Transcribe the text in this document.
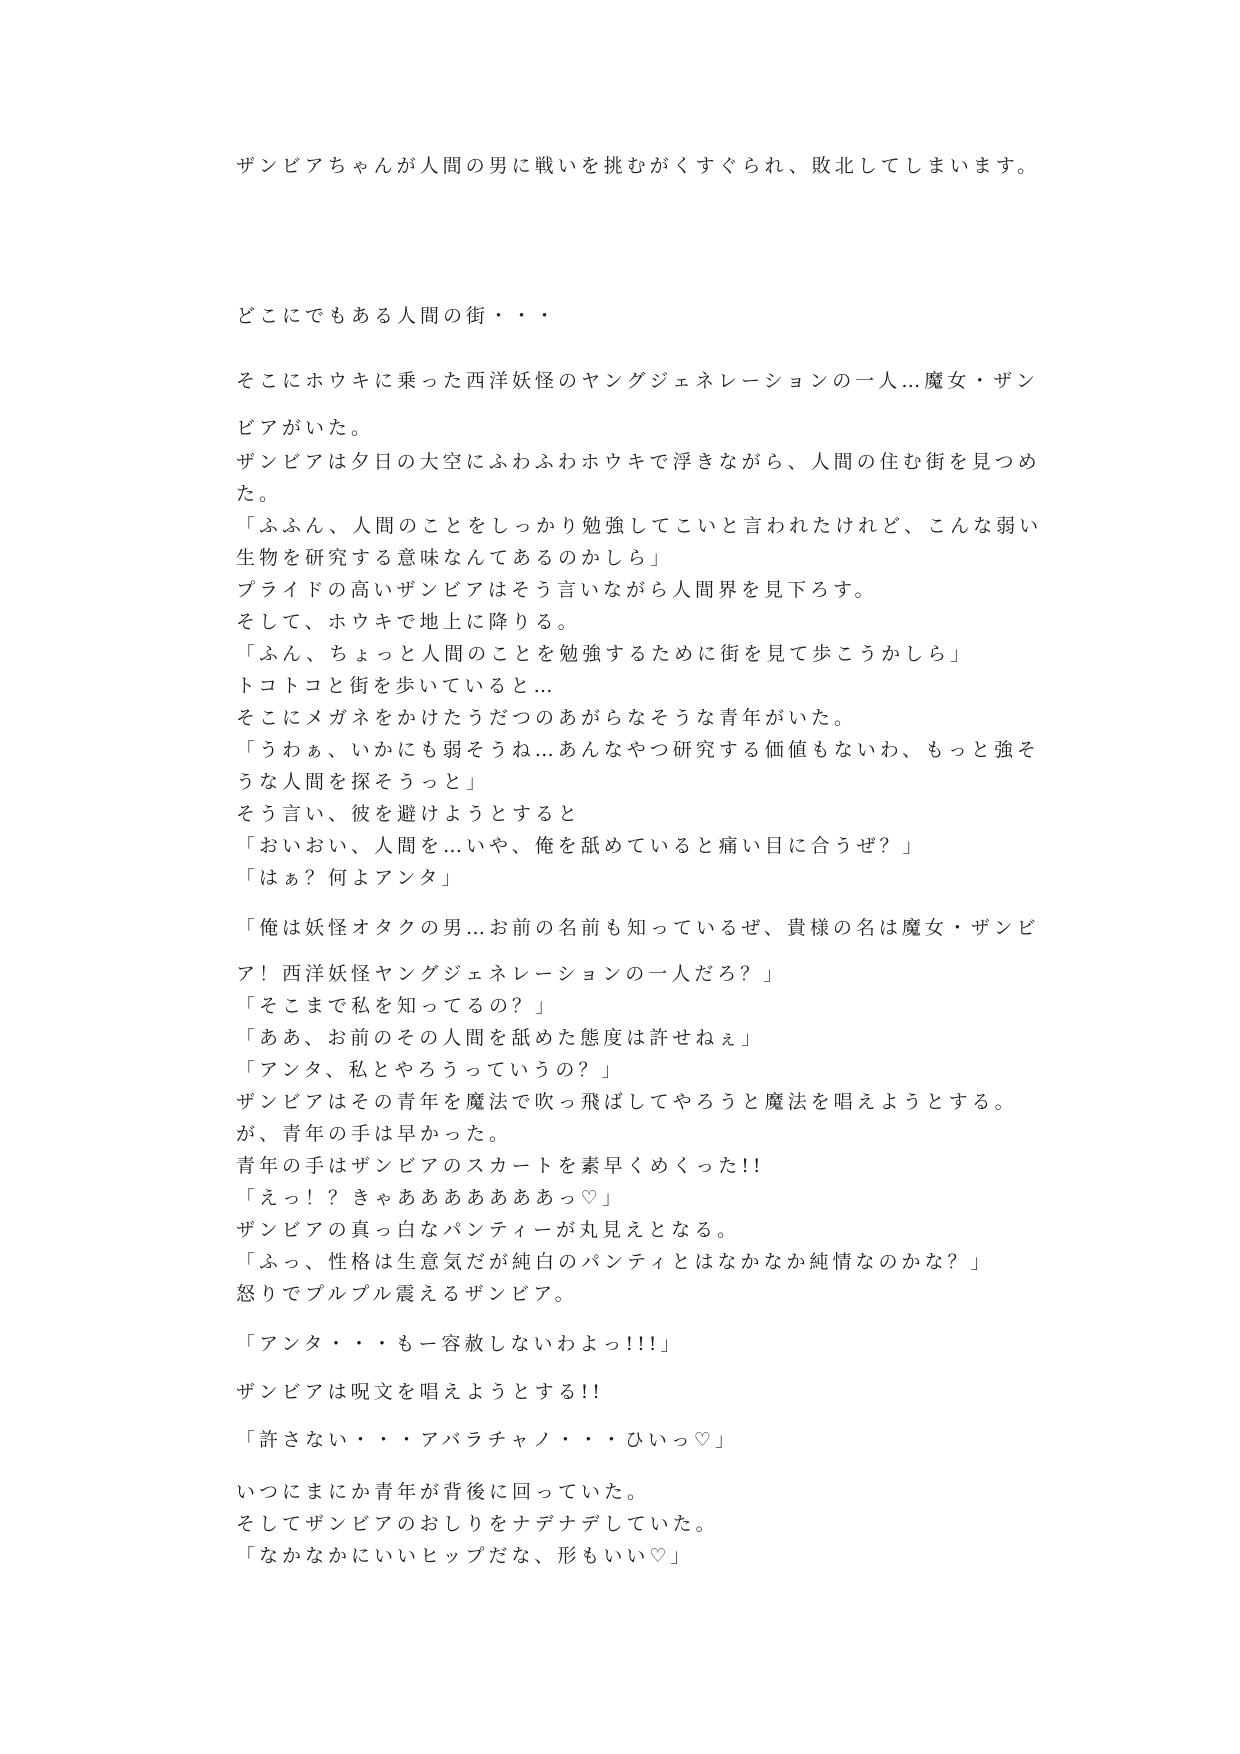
ザンビアちゃんが人間の男に戦いを挑むがくすぐられ、敗北してしまいます。
どこにでもある人間の街・・・
そこにホウキに乗った西洋妖怪のヤングジェネレーションの一人…魔女・ザン
ビアがいた。
ザンビアは夕日の大空にふわふわホウキで浮きながら、人間の住む街を見つめ
た。
「ふふん、人間のことをしっかり勉強してこいと言われたけれど、こんな弱い
生物を研究する意味なんてあるのかしら」
プライドの高いザンビアはそう言いながら人間界を見下ろす。
そして、ホウキで地上に降りる。
「ふん、ちょっと人間のことを勉強するために街を見て歩こうかしら」
トコトコと街を歩いていると…
そこにメガネをかけたうだつのあがらなそうな青年がいた。
「うわぁ、いかにも弱そうね…あんなやつ研究する価値もないわ、もっと強そ
うな人間を探そうっと」
そう言い、彼を避けようとすると
「おいおい、人間を…いや、俺を舐めていると痛い目に合うぜ？」
「はぁ？何よアンタ」
「俺は妖怪オタクの男…お前の名前も知っているぜ、貴様の名は魔女・ザンビ
ア！西洋妖怪ヤングジェネレーションの一人だろ？」
「そこまで私を知ってるの？」
「ああ、お前のその人間を舐めた態度は許せねぇ」
「アンタ、私とやろうっていうの？」
ザンビアはその青年を魔法で吹っ飛ばしてやろうと魔法を唱えようとする。
が、青年の手は早かった。
青年の手はザンビアのスカートを素早くめくった!!
「えっ！？きゃあああああああっ♡」
ザンビアの真っ白なパンティーが丸見えとなる。
「ふっ、性格は生意気だが純白のパンティとはなかなか純情なのかな？」
怒りでプルプル震えるザンビア。
「アンタ・・・もー容赦しないわよっ!!!」
ザンビアは呪文を唱えようとする!!
「許さない・・・アバラチャノ・・・ひいっ♡」
いつにまにか青年が背後に回っていた。
そしてザンビアのおしりをナデナデしていた。
「なかなかにいいヒップだな、形もいい♡」
